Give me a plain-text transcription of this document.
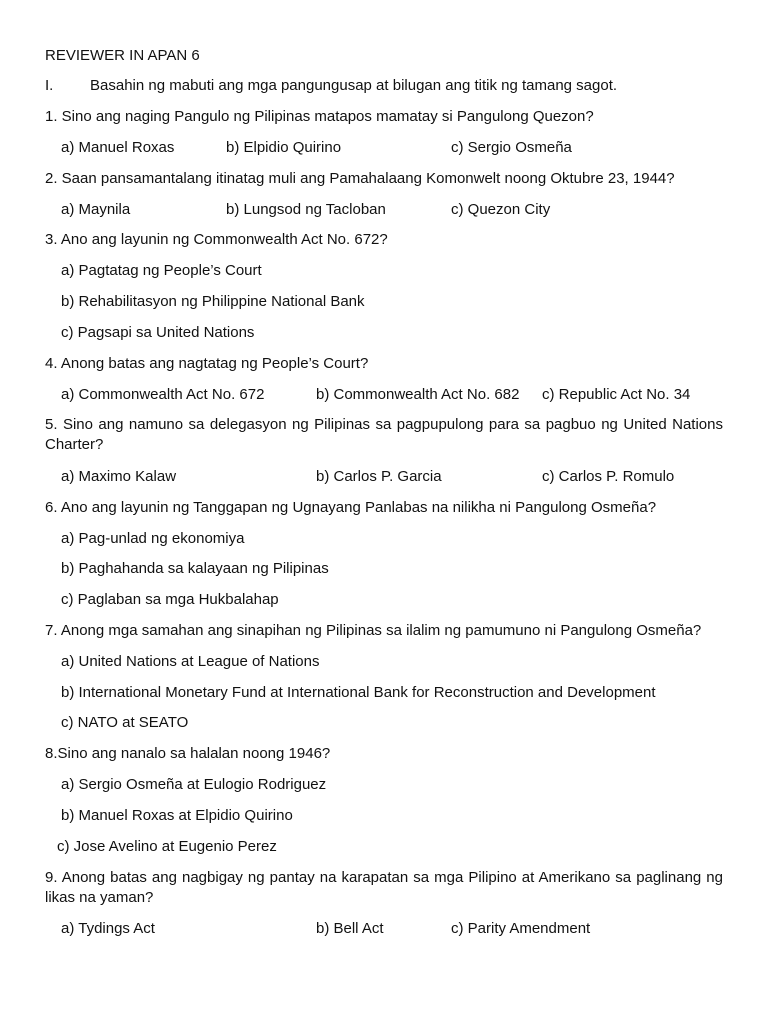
REVIEWER IN APAN 6
I. Basahin ng mabuti ang mga pangungusap at bilugan ang titik ng tamang sagot.
1. Sino ang naging Pangulo ng Pilipinas matapos mamatay si Pangulong Quezon?
a) Manuel Roxas	b) Elpidio Quirino	c) Sergio Osmeña
2. Saan pansamantalang itinatag muli ang Pamahalaang Komonwelt noong Oktubre 23, 1944?
a) Maynila	b) Lungsod ng Tacloban	c) Quezon City
3. Ano ang layunin ng Commonwealth Act No. 672?
a) Pagtatag ng People’s Court
b) Rehabilitasyon ng Philippine National Bank
c) Pagsapi sa United Nations
4. Anong batas ang nagtatag ng People’s Court?
a) Commonwealth Act No. 672	b) Commonwealth Act No. 682 c) Republic Act No. 34
5. Sino ang namuno sa delegasyon ng Pilipinas sa pagpupulong para sa pagbuo ng United Nations Charter?
a) Maximo Kalaw	b) Carlos P. Garcia	c) Carlos P. Romulo
6. Ano ang layunin ng Tanggapan ng Ugnayang Panlabas na nilikha ni Pangulong Osmeña?
a) Pag-unlad ng ekonomiya
b) Paghahanda sa kalayaan ng Pilipinas
c) Paglaban sa mga Hukbalahap
7. Anong mga samahan ang sinapihan ng Pilipinas sa ilalim ng pamumuno ni Pangulong Osmeña?
a) United Nations at League of Nations
b) International Monetary Fund at International Bank for Reconstruction and Development
c) NATO at SEATO
8.Sino ang nanalo sa halalan noong 1946?
a) Sergio Osmeña at Eulogio Rodriguez
b) Manuel Roxas at Elpidio Quirino
c) Jose Avelino at Eugenio Perez
9. Anong batas ang nagbigay ng pantay na karapatan sa mga Pilipino at Amerikano sa paglinang ng likas na yaman?
a) Tydings Act	b) Bell Act	c) Parity Amendment
